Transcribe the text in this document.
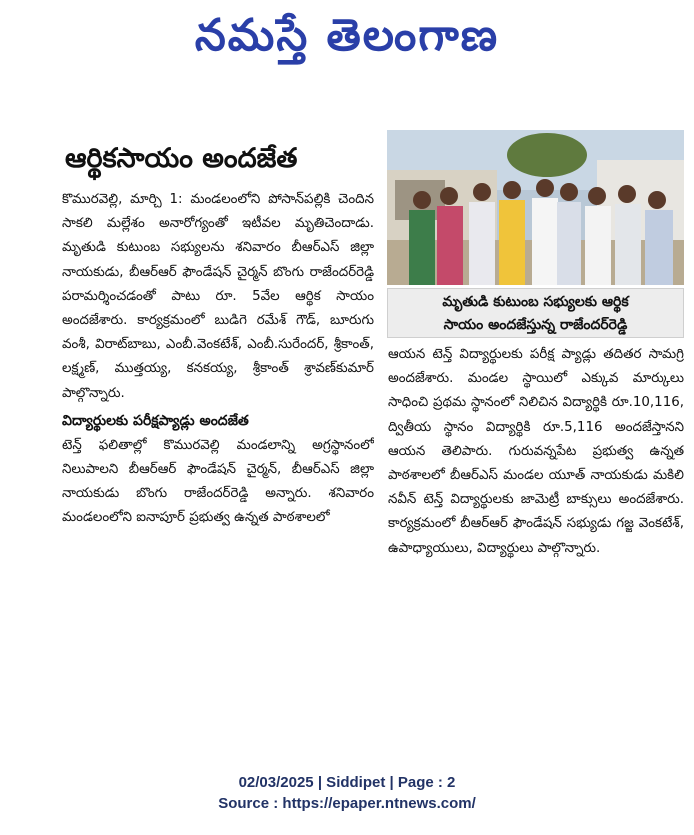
నమస్తే తెలంగాణ
ఆర్థికసాయం అందజేత

కొమురవెల్లి, మార్చి 1: మండలంలోని పోసాన్‌పల్లికి చెందిన సాకలి మల్లేశం అనారోగ్యంతో ఇటీవల మృతిచెందాడు. మృతుడి కుటుంబ సభ్యులను శనివారం బీఆర్‌ఎస్ జిల్లా నాయకుడు, బీఆర్‌ఆర్ ఫౌండేషన్ చైర్మన్ బొంగు రాజేందర్‌రెడ్డి పరామర్శించడంతో పాటు రూ. 5వేల ఆర్థిక సాయం అందజేశారు. కార్యక్రమంలో బుడిగె రమేశ్ గౌడ్, బూరుగు వంశీ, విరాట్‌బాబు, ఎంబీ.వెంకటేశ్, ఎంబీ.సురేందర్, శ్రీకాంత్, లక్ష్మణ్, ముత్తయ్య, కనకయ్య, శ్రీకాంత్ శ్రావణ్‌కుమార్ పాల్గొన్నారు.

విద్యార్థులకు పరీక్షప్యాడ్లు అందజేత

టెన్త్ ఫలితాల్లో కొమురవెల్లి మండలాన్ని అగ్రస్థానంలో నిలుపాలని బీఆర్‌ఆర్ ఫౌండేషన్ చైర్మన్, బీఆర్‌ఎస్ జిల్లా నాయకుడు బొంగు రాజేందర్‌రెడ్డి అన్నారు. శనివారం మండలంలోని ఐనాపూర్ ప్రభుత్వ ఉన్నత పాఠశాలలో

మృతుడి కుటుంబ సభ్యులకు ఆర్థిక
సాయం అందజేస్తున్న రాజేందర్‌రెడ్డి

ఆయన టెన్త్ విద్యార్థులకు పరీక్ష ప్యాడ్లు తదితర సామగ్రి అందజేశారు. మండల స్థాయిలో ఎక్కువ మార్కులు సాధించి ప్రథమ స్థానంలో నిలిచిన విద్యార్థికి రూ.10,116, ద్వితీయ స్థానం విద్యార్థికి రూ.5,116 అందజేస్తానని ఆయన తెలిపారు. గురువన్నపేట ప్రభుత్వ ఉన్నత పాఠశాలలో బీఆర్‌ఎస్ మండల యూత్ నాయకుడు మకిలి నవీన్ టెన్త్ విద్యార్థులకు జామెట్రీ బాక్సులు అందజేశారు. కార్యక్రమంలో బీఆర్‌ఆర్ ఫౌండేషన్ సభ్యుడు గజ్జ వెంకటేశ్, ఉపాధ్యాయులు, విద్యార్థులు పాల్గొన్నారు.

02/03/2025 | Siddipet | Page : 2
Source : https://epaper.ntnews.com/
